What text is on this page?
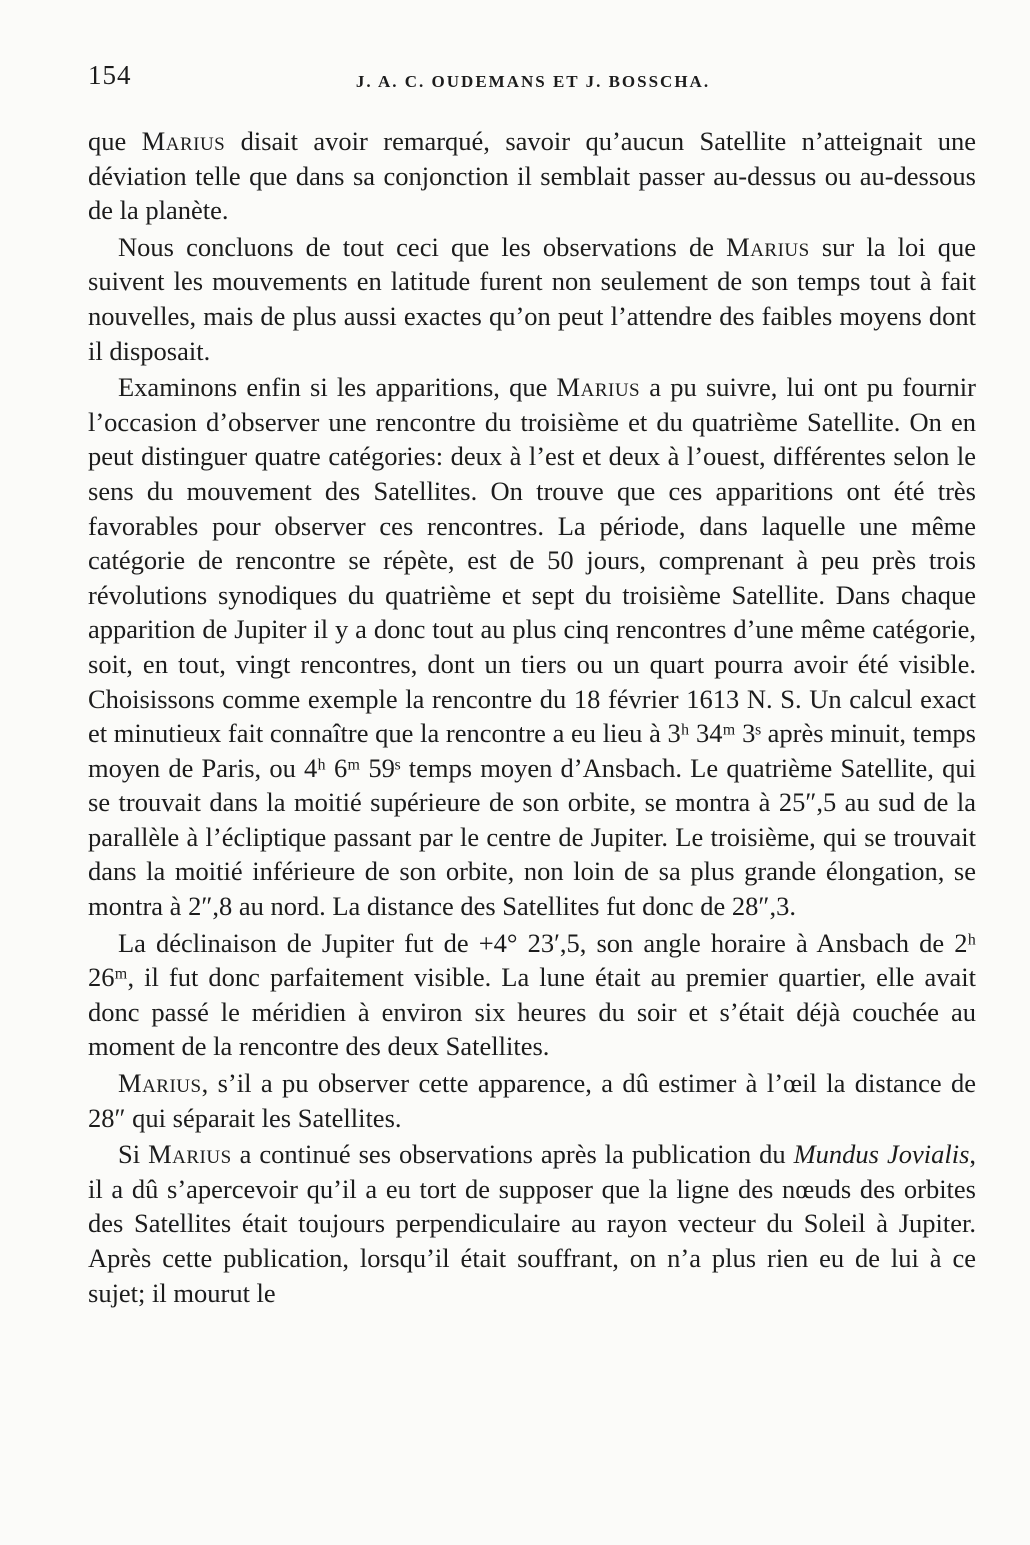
154	J. A. C. OUDEMANS ET J. BOSSCHA.

que Marius disait avoir remarqué, savoir qu’aucun Satellite n’atteignait une déviation telle que dans sa conjonction il semblait passer au-dessus ou au-dessous de la planète.

Nous concluons de tout ceci que les observations de Marius sur la loi que suivent les mouvements en latitude furent non seulement de son temps tout à fait nouvelles, mais de plus aussi exactes qu’on peut l’attendre des faibles moyens dont il disposait.

Examinons enfin si les apparitions, que Marius a pu suivre, lui ont pu fournir l’occasion d’observer une rencontre du troisième et du quatrième Satellite. On en peut distinguer quatre catégories: deux à l’est et deux à l’ouest, différentes selon le sens du mouvement des Satellites. On trouve que ces apparitions ont été très favorables pour observer ces rencontres. La période, dans laquelle une même catégorie de rencontre se répète, est de 50 jours, comprenant à peu près trois révolutions synodiques du quatrième et sept du troisième Satellite. Dans chaque apparition de Jupiter il y a donc tout au plus cinq rencontres d’une même catégorie, soit, en tout, vingt rencontres, dont un tiers ou un quart pourra avoir été visible. Choisissons comme exemple la rencontre du 18 février 1613 N. S. Un calcul exact et minutieux fait connaître que la rencontre a eu lieu à 3ʰ 34ᵐ 3ˢ après minuit, temps moyen de Paris, ou 4ʰ 6ᵐ 59ˢ temps moyen d’Ansbach. Le quatrième Satellite, qui se trouvait dans la moitié supérieure de son orbite, se montra à 25″,5 au sud de la parallèle à l’écliptique passant par le centre de Jupiter. Le troisième, qui se trouvait dans la moitié inférieure de son orbite, non loin de sa plus grande élongation, se montra à 2″,8 au nord. La distance des Satellites fut donc de 28″,3.

La déclinaison de Jupiter fut de +4° 23′,5, son angle horaire à Ansbach de 2ʰ 26ᵐ, il fut donc parfaitement visible. La lune était au premier quartier, elle avait donc passé le méridien à environ six heures du soir et s’était déjà couchée au moment de la rencontre des deux Satellites.

Marius, s’il a pu observer cette apparence, a dû estimer à l’œil la distance de 28″ qui séparait les Satellites.

Si Marius a continué ses observations après la publication du Mundus Jovialis, il a dû s’apercevoir qu’il a eu tort de supposer que la ligne des nœuds des orbites des Satellites était toujours perpendiculaire au rayon vecteur du Soleil à Jupiter. Après cette publication, lorsqu’il était souffrant, on n’a plus rien eu de lui à ce sujet; il mourut le
